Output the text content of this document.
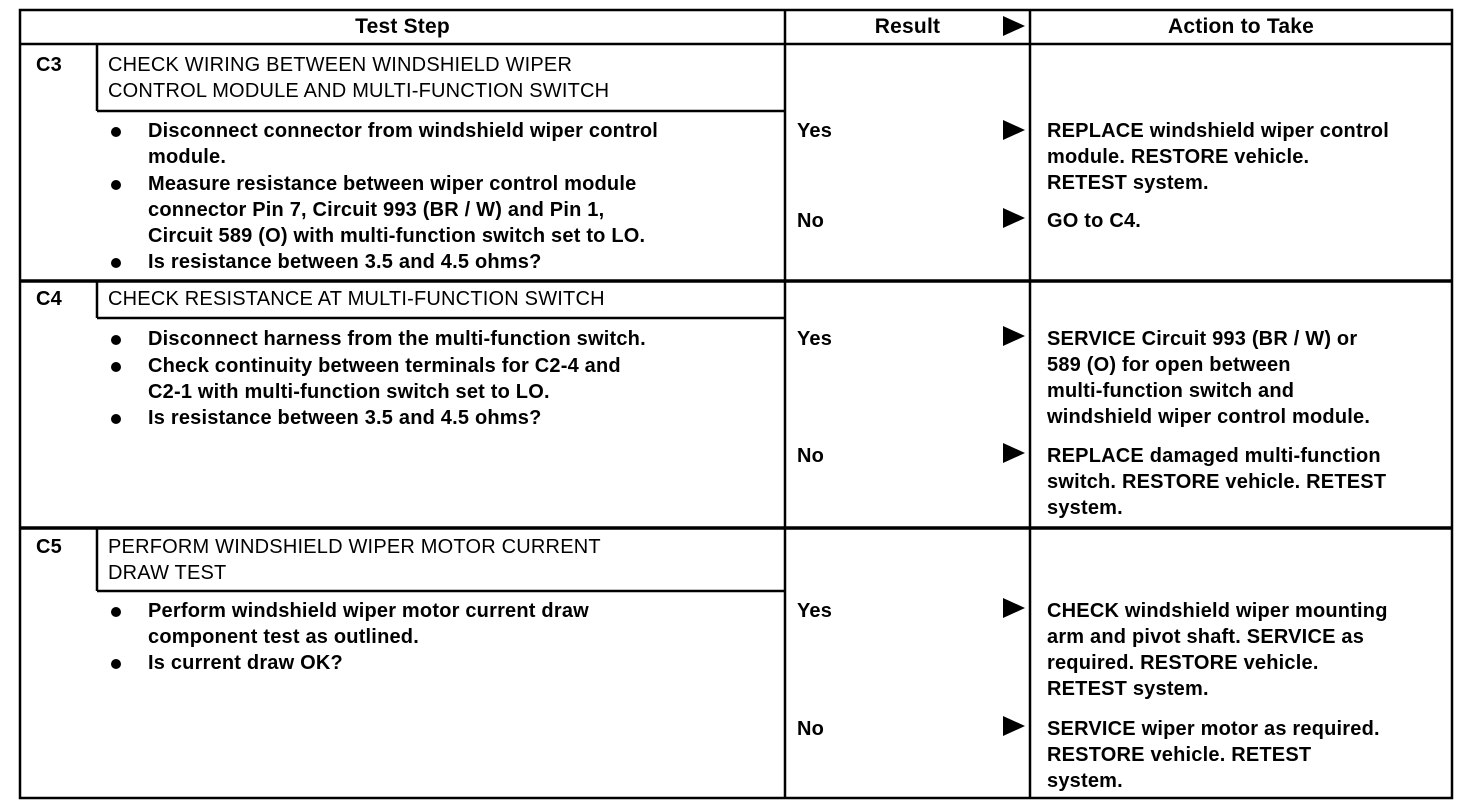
Test Step	Result	Action to Take
C3 CHECK WIRING BETWEEN WINDSHIELD WIPER
CONTROL MODULE AND MULTI-FUNCTION SWITCH
Disconnect connector from windshield wiper control
module.
Measure resistance between wiper control module
connector Pin 7, Circuit 993 (BR / W) and Pin 1,
Circuit 589 (O) with multi-function switch set to LO.
Is resistance between 3.5 and 4.5 ohms?
Yes	REPLACE windshield wiper control
module. RESTORE vehicle.
RETEST system.
No	GO to C4.
C4 CHECK RESISTANCE AT MULTI-FUNCTION SWITCH
Disconnect harness from the multi-function switch.
Check continuity between terminals for C2-4 and
C2-1 with multi-function switch set to LO.
Is resistance between 3.5 and 4.5 ohms?
Yes	SERVICE Circuit 993 (BR / W) or
589 (O) for open between
multi-function switch and
windshield wiper control module.
No	REPLACE damaged multi-function
switch. RESTORE vehicle. RETEST
system.
C5 PERFORM WINDSHIELD WIPER MOTOR CURRENT
DRAW TEST
Perform windshield wiper motor current draw
component test as outlined.
Is current draw OK?
Yes	CHECK windshield wiper mounting
arm and pivot shaft. SERVICE as
required. RESTORE vehicle.
RETEST system.
No	SERVICE wiper motor as required.
RESTORE vehicle. RETEST
system.
